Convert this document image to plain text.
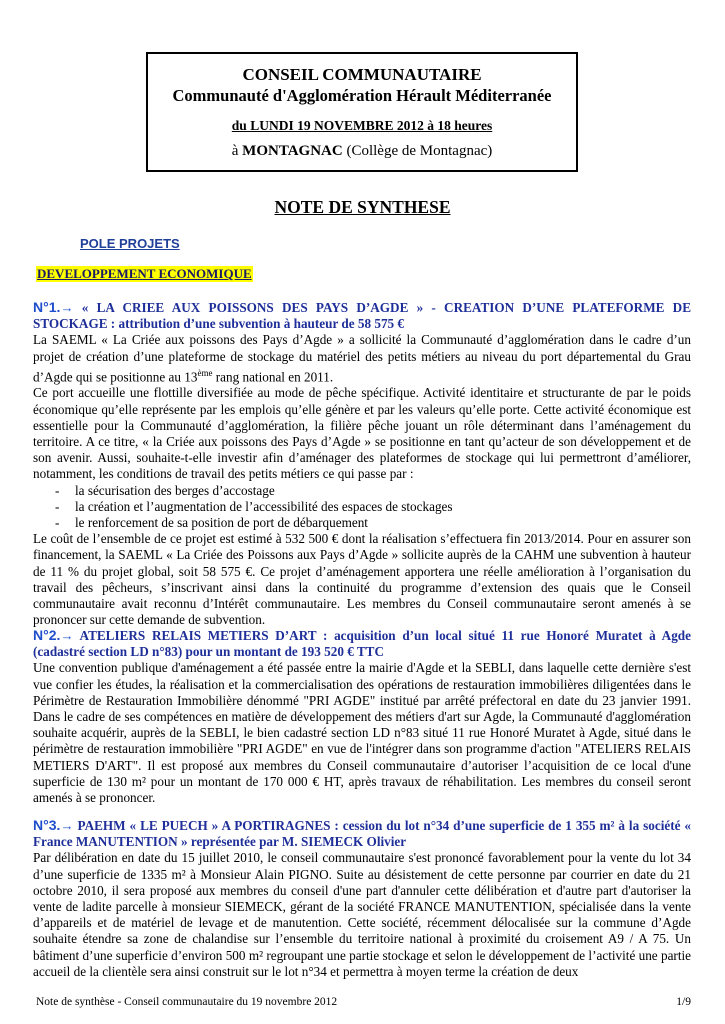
CONSEIL COMMUNAUTAIRE
Communauté d'Agglomération Hérault Méditerranée
du LUNDI 19 NOVEMBRE 2012 à 18 heures
à MONTAGNAC (Collège de Montagnac)
NOTE DE SYNTHESE
POLE PROJETS
DEVELOPPEMENT ECONOMIQUE

N°1.→ « LA CRIEE AUX POISSONS DES PAYS D’AGDE » - CREATION D’UNE PLATEFORME DE STOCKAGE : attribution d’une subvention à hauteur de 58 575 €

La SAEML « La Criée aux poissons des Pays d’Agde » a sollicité la Communauté d’agglomération dans le cadre d’un projet de création d’une plateforme de stockage du matériel des petits métiers au niveau du port départemental du Grau d’Agde qui se positionne au 13ème rang national en 2011.

Ce port accueille une flottille diversifiée au mode de pêche spécifique. Activité identitaire et structurante de par le poids économique qu’elle représente par les emplois qu’elle génère et par les valeurs qu’elle porte. Cette activité économique est essentielle pour la Communauté d’agglomération, la filière pêche jouant un rôle déterminant dans l’aménagement du territoire. A ce titre, « la Criée aux poissons des Pays d’Agde » se positionne en tant qu’acteur de son développement et de son avenir. Aussi, souhaite-t-elle investir afin d’aménager des plateformes de stockage qui lui permettront d’améliorer, notamment, les conditions de travail des petits métiers ce qui passe par :

- la sécurisation des berges d’accostage
- la création et l’augmentation de l’accessibilité des espaces de stockages
- le renforcement de sa position de port de débarquement

Le coût de l’ensemble de ce projet est estimé à 532 500 € dont la réalisation s’effectuera fin 2013/2014. Pour en assurer son financement, la SAEML « La Criée des Poissons aux Pays d’Agde » sollicite auprès de la CAHM une subvention à hauteur de 11 % du projet global, soit 58 575 €. Ce projet d’aménagement apportera une réelle amélioration à l’organisation du travail des pêcheurs, s’inscrivant ainsi dans la continuité du programme d’extension des quais que le Conseil communautaire avait reconnu d’Intérêt communautaire. Les membres du Conseil communautaire seront amenés à se prononcer sur cette demande de subvention.

N°2.→ ATELIERS RELAIS METIERS D’ART : acquisition d’un local situé 11 rue Honoré Muratet à Agde (cadastré section LD n°83) pour un montant de 193 520 € TTC

Une convention publique d'aménagement a été passée entre la mairie d'Agde et la SEBLI, dans laquelle cette dernière s'est vue confier les études, la réalisation et la commercialisation des opérations de restauration immobilières diligentées dans le Périmètre de Restauration Immobilière dénommé "PRI AGDE" institué par arrêté préfectoral en date du 23 janvier 1991. Dans le cadre de ses compétences en matière de développement des métiers d'art sur Agde, la Communauté d'agglomération souhaite acquérir, auprès de la SEBLI, le bien cadastré section LD n°83 situé 11 rue Honoré Muratet à Agde, situé dans le périmètre de restauration immobilière "PRI AGDE" en vue de l'intégrer dans son programme d'action "ATELIERS RELAIS METIERS D'ART". Il est proposé aux membres du Conseil communautaire d’autoriser l’acquisition de ce local d'une superficie de 130 m² pour un montant de 170 000 € HT, après travaux de réhabilitation. Les membres du conseil seront amenés à se prononcer.

N°3.→ PAEHM « LE PUECH » A PORTIRAGNES : cession du lot n°34 d’une superficie de 1 355 m² à la société « France MANUTENTION » représentée par M. SIEMECK Olivier

Par délibération en date du 15 juillet 2010, le conseil communautaire s'est prononcé favorablement pour la vente du lot 34 d’une superficie de 1335 m² à Monsieur Alain PIGNO. Suite au désistement de cette personne par courrier en date du 21 octobre 2010, il sera proposé aux membres du conseil d'une part d'annuler cette délibération et d'autre part d'autoriser la vente de ladite parcelle à monsieur SIEMECK, gérant de la société FRANCE MANUTENTION, spécialisée dans la vente d’appareils et de matériel de levage et de manutention. Cette société, récemment délocalisée sur la commune d’Agde souhaite étendre sa zone de chalandise sur l’ensemble du territoire national à proximité du croisement A9 / A 75. Un bâtiment d’une superficie d’environ 500 m² regroupant une partie stockage et selon le développement de l’activité une partie accueil de la clientèle sera ainsi construit sur le lot n°34 et permettra à moyen terme la création de deux

Note de synthèse - Conseil communautaire du 19 novembre 2012	1/9
